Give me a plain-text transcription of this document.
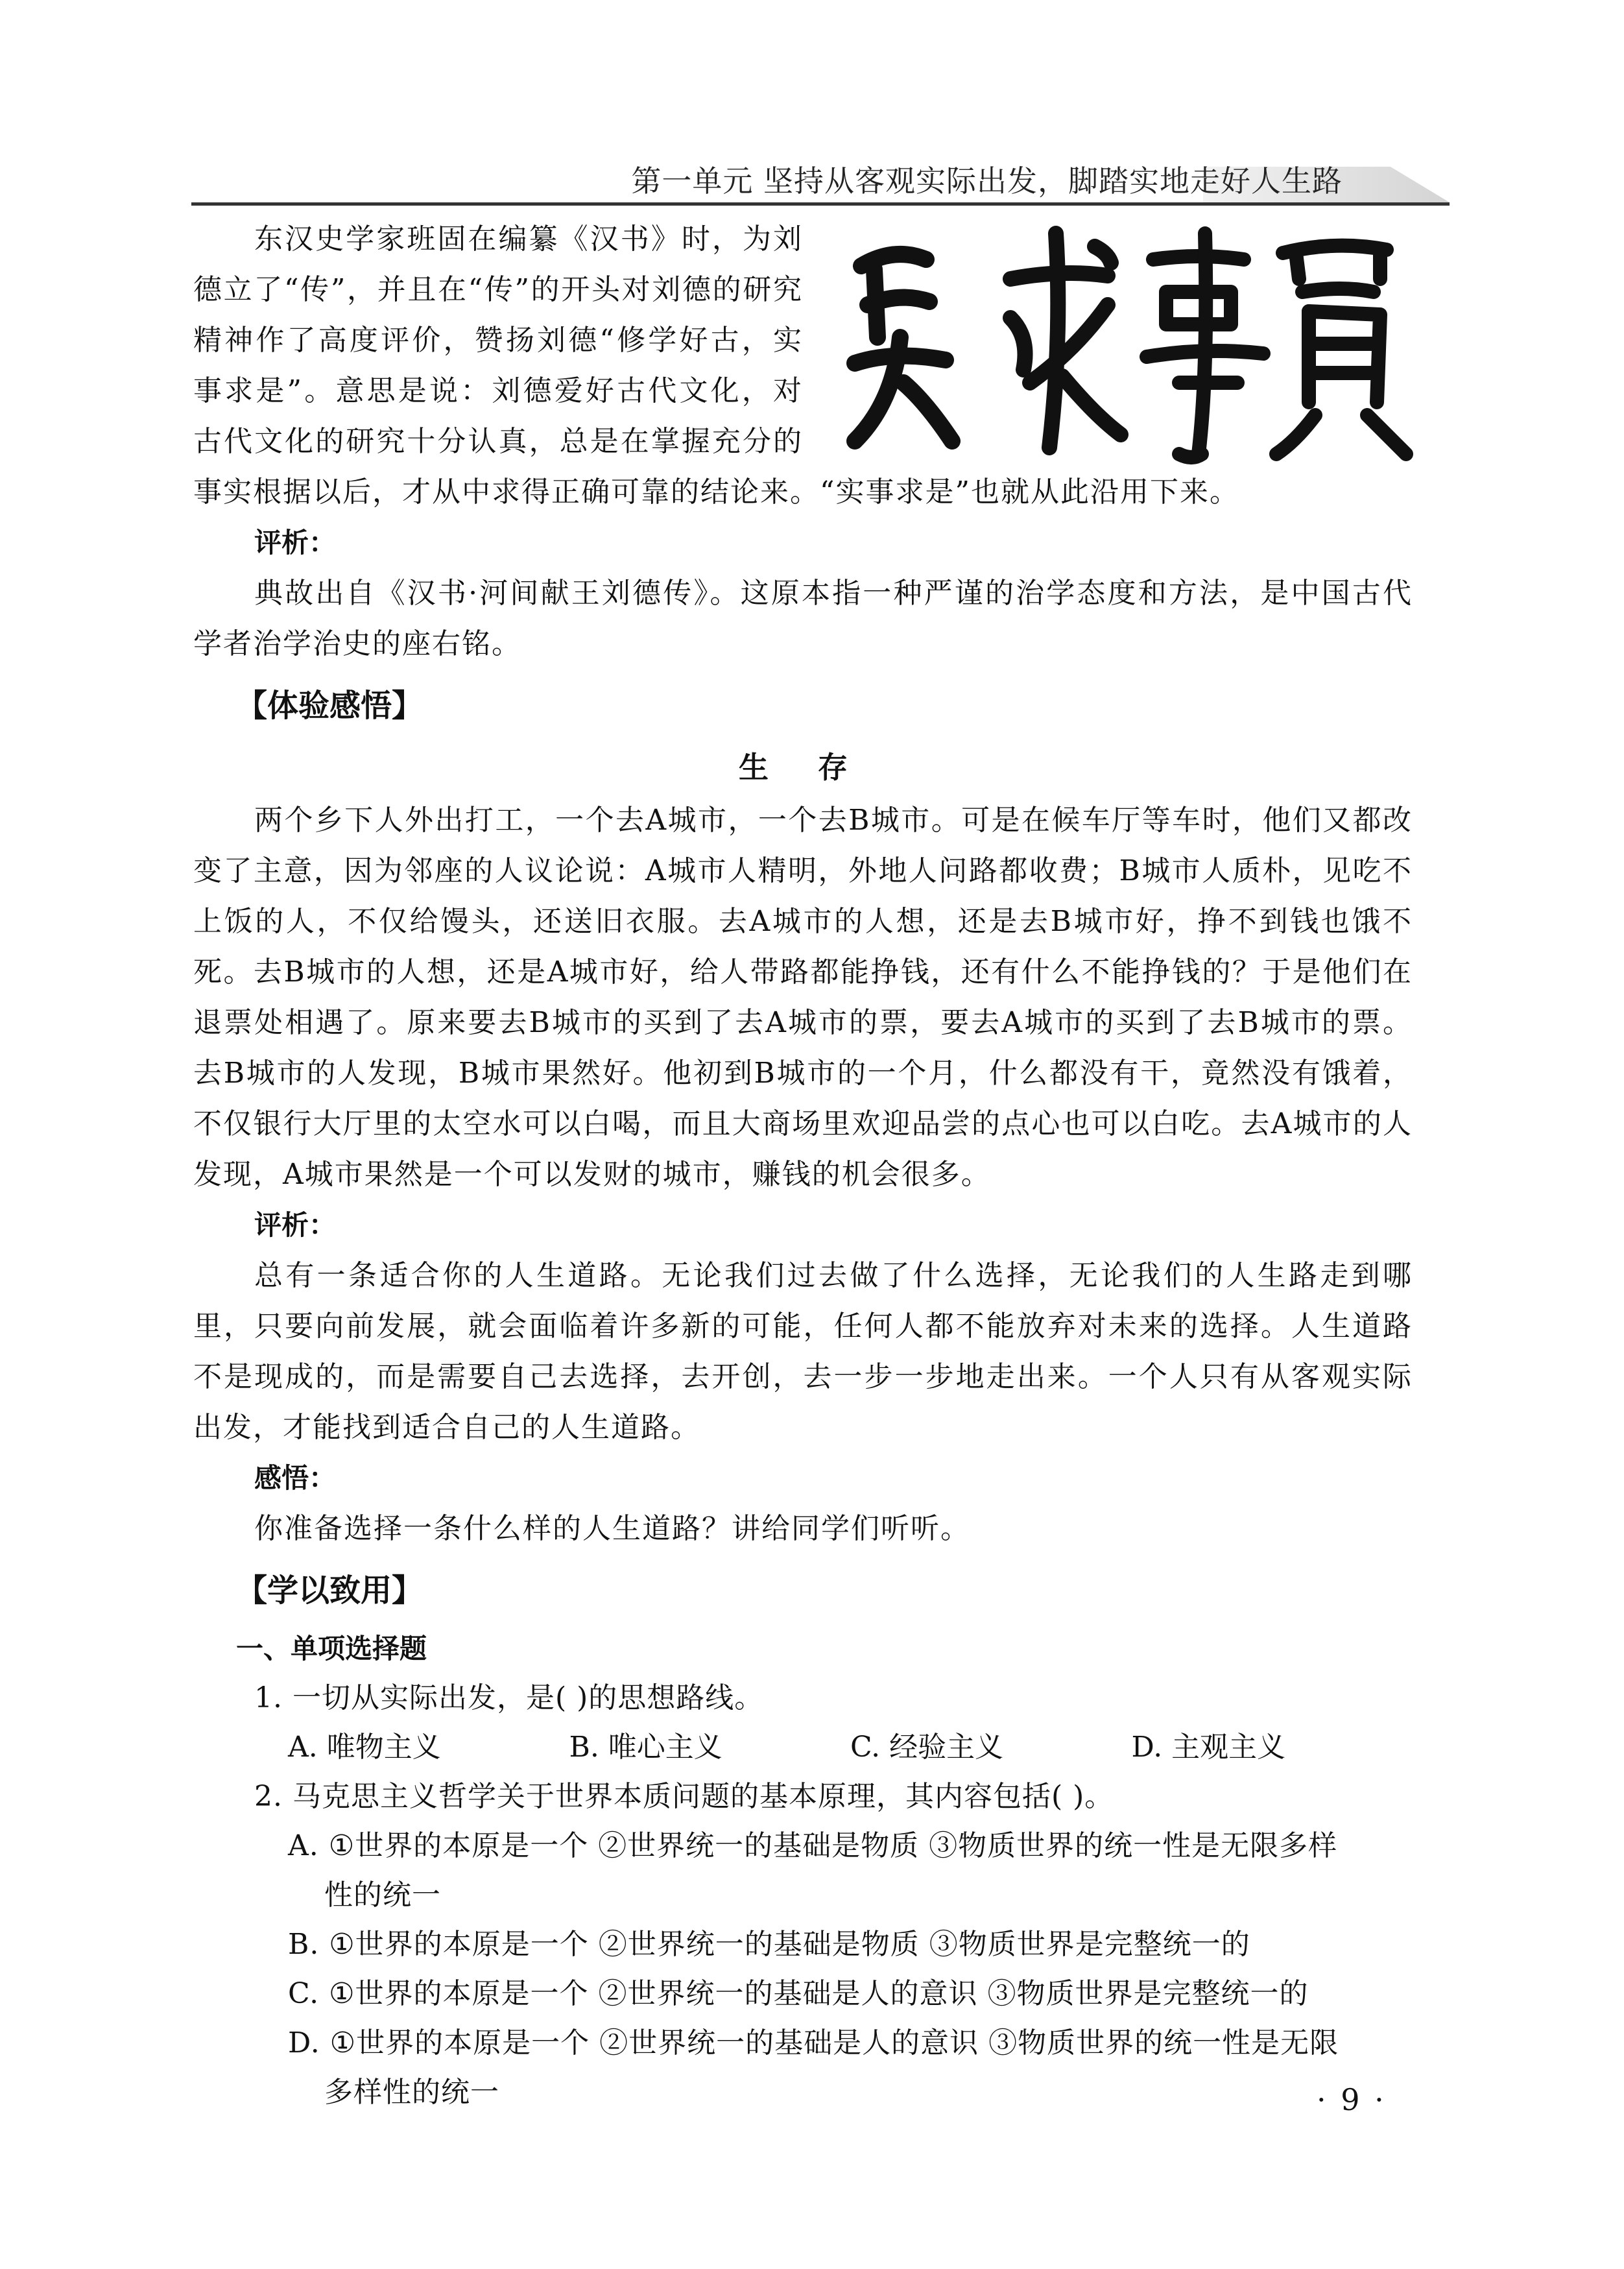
第一单元 坚持从客观实际出发，脚踏实地走好人生路
是求事實

东汉史学家班固在编纂《汉书》时，为刘德立了“传”，并且在“传”的开头对刘德的研究精神作了高度评价，赞扬刘德“修学好古，实事求是”。意思是说：刘德爱好古代文化，对古代文化的研究十分认真，总是在掌握充分的事实根据以后，才从中求得正确可靠的结论来。“实事求是”也就从此沿用下来。

评析：

典故出自《汉书·河间献王刘德传》。这原本指一种严谨的治学态度和方法，是中国古代学者治学治史的座右铭。

【体验感悟】

生 存

两个乡下人外出打工，一个去A城市，一个去B城市。可是在候车厅等车时，他们又都改变了主意，因为邻座的人议论说：A城市人精明，外地人问路都收费；B城市人质朴，见吃不上饭的人，不仅给馒头，还送旧衣服。去A城市的人想，还是去B城市好，挣不到钱也饿不死。去B城市的人想，还是A城市好，给人带路都能挣钱，还有什么不能挣钱的？于是他们在退票处相遇了。原来要去B城市的买到了去A城市的票，要去A城市的买到了去B城市的票。去B城市的人发现，B城市果然好。他初到B城市的一个月，什么都没有干，竟然没有饿着，不仅银行大厅里的太空水可以白喝，而且大商场里欢迎品尝的点心也可以白吃。去A城市的人发现，A城市果然是一个可以发财的城市，赚钱的机会很多。

评析：

总有一条适合你的人生道路。无论我们过去做了什么选择，无论我们的人生路走到哪里，只要向前发展，就会面临着许多新的可能，任何人都不能放弃对未来的选择。人生道路不是现成的，而是需要自己去选择，去开创，去一步一步地走出来。一个人只有从客观实际出发，才能找到适合自己的人生道路。

感悟：

你准备选择一条什么样的人生道路？讲给同学们听听。

【学以致用】

一、单项选择题

1. 一切从实际出发，是( )的思想路线。

A. 唯物主义	B. 唯心主义	C. 经验主义	D. 主观主义

2. 马克思主义哲学关于世界本质问题的基本原理，其内容包括( )。

A. ①世界的本原是一个 ②世界统一的基础是物质 ③物质世界的统一性是无限多样
性的统一

B. ①世界的本原是一个 ②世界统一的基础是物质 ③物质世界是完整统一的

C. ①世界的本原是一个 ②世界统一的基础是人的意识 ③物质世界是完整统一的

D. ①世界的本原是一个 ②世界统一的基础是人的意识 ③物质世界的统一性是无限
多样性的统一	· 9 ·
